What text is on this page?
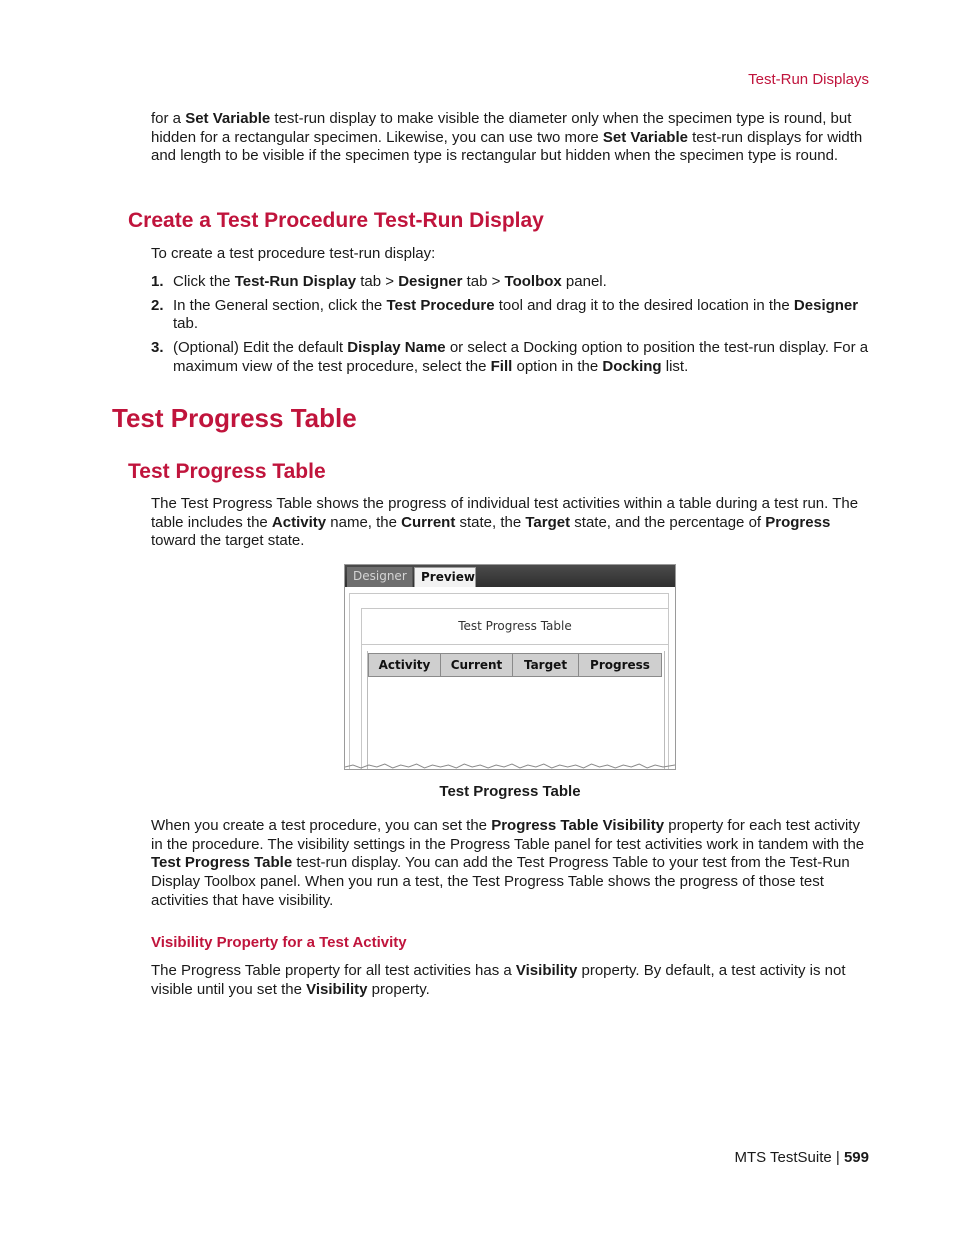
Test-Run Displays
for a Set Variable test-run display to make visible the diameter only when the specimen type is round, but hidden for a rectangular specimen. Likewise, you can use two more Set Variable test-run displays for width and length to be visible if the specimen type is rectangular but hidden when the specimen type is round.
Create a Test Procedure Test-Run Display
To create a test procedure test-run display:
1. Click the Test-Run Display tab > Designer tab > Toolbox panel.
2. In the General section, click the Test Procedure tool and drag it to the desired location in the Designer tab.
3. (Optional) Edit the default Display Name or select a Docking option to position the test-run display. For a maximum view of the test procedure, select the Fill option in the Docking list.
Test Progress Table
Test Progress Table
The Test Progress Table shows the progress of individual test activities within a table during a test run. The table includes the Activity name, the Current state, the Target state, and the percentage of Progress toward the target state.
Designer	Preview
Test Progress Table
Activity	Current	Target	Progress
Test Progress Table
When you create a test procedure, you can set the Progress Table Visibility property for each test activity in the procedure. The visibility settings in the Progress Table panel for test activities work in tandem with the Test Progress Table test-run display. You can add the Test Progress Table to your test from the Test-Run Display Toolbox panel. When you run a test, the Test Progress Table shows the progress of those test activities that have visibility.
Visibility Property for a Test Activity
The Progress Table property for all test activities has a Visibility property. By default, a test activity is not visible until you set the Visibility property.
MTS TestSuite | 599
